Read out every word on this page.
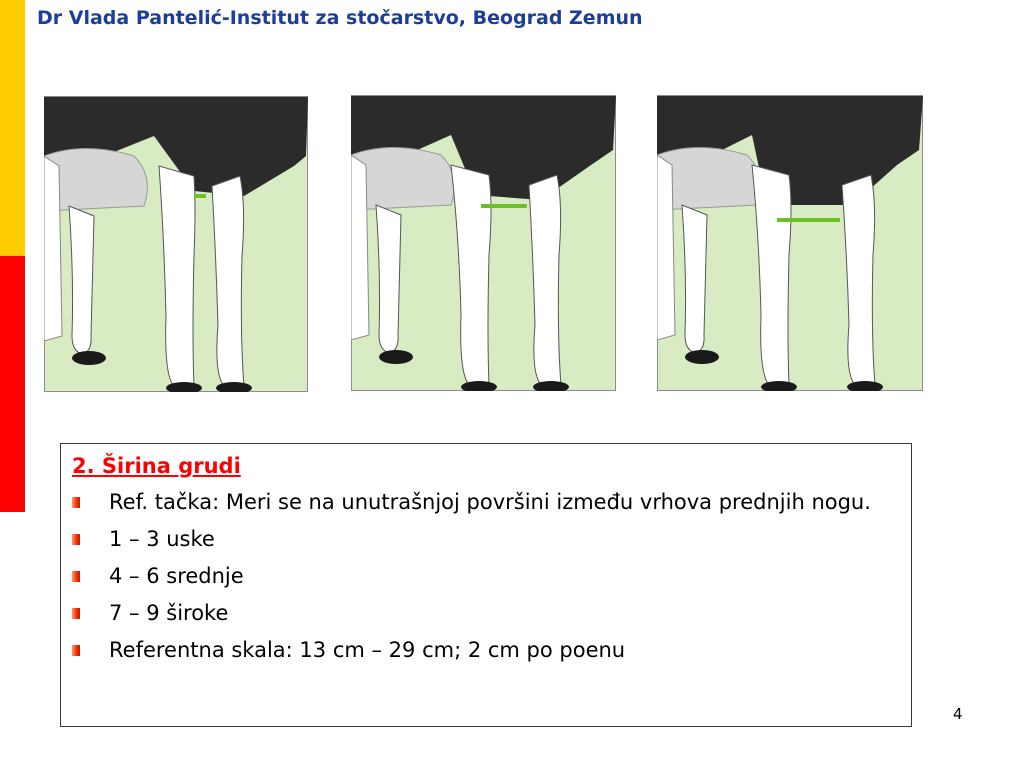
Dr Vlada Pantelić-Institut za stočarstvo, Beograd Zemun
2. Širina grudi
Ref. tačka: Meri se na unutrašnjoj površini između vrhova prednjih nogu.
1 – 3 uske
4 – 6 srednje
7 – 9 široke
Referentna skala: 13 cm – 29 cm; 2 cm po poenu
4
